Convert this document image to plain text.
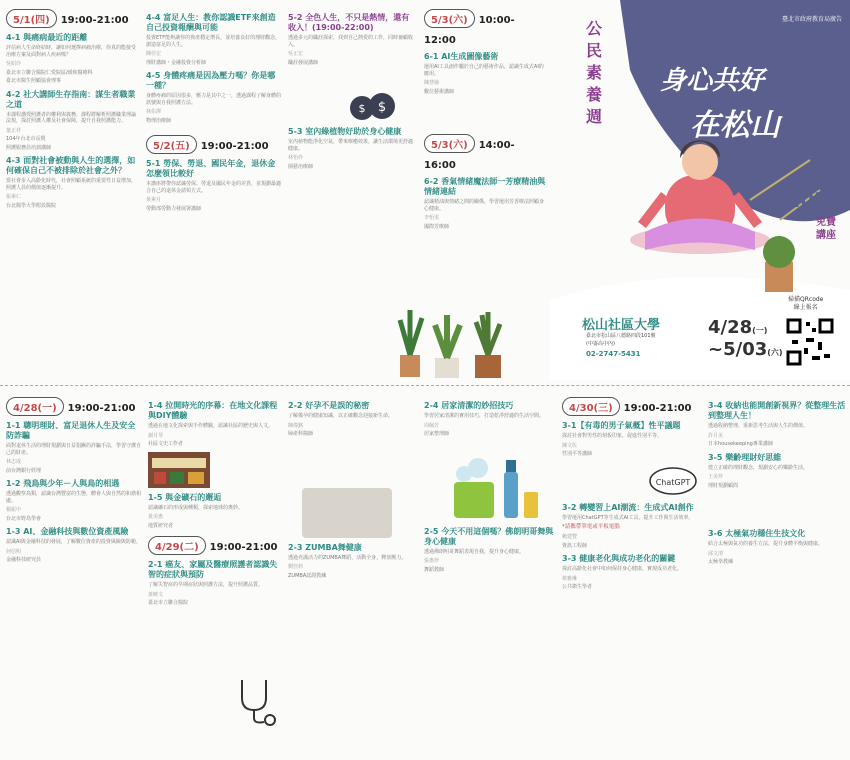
5/1(四) 19:00-21:00
4-1 與痛病最近的距離
評估病人生命終結時，讓如何選擇病痛治療，你真的能接受治療方案及面對病人疾病嗎？
吳昭玲
臺北市立聯合醫院仁愛院區/緩和醫療科
臺北市醫生照顧協會理事
4-2 社大講師生存指南：謀生者職業之道
本課程講授照護者的權利與義務，課程將解析照護職業理論法規，探討照護人權及社會保障，提升自我照護能力。
葉正祥
104年台北市長獎
照護服務員培訓講師
4-3 面對社會被動與人生的選擇，如何確保自己不被排除於社會之外？
當社會步入高齡化時代，社會照顧系統的重要性日益增加，照護人員的價值逐漸提升。
張素仁
台北醫學大學附設醫院
4-4 富足人生：教你認識ETF來創造自己投資報酬與可能
投資ETF能夠讓你的資產穩定增長，並培養良好的理財觀念，創造富足的人生。
陳佳宏
理財講師・金融投資分析師
4-5 身體疼痛是因為壓力嗎？你是哪一種？
身體疼痛的原因很多，壓力是其中之一，透過課程了解身體的訊號與自我照護方法。
林佑澤
物理治療師
5/2(五) 19:00-21:00
5-1 勞保、勞退、國民年金，退休金怎麼領比較好
本講座將帶你認識勞保、勞退及國民年金的差異，並規劃最適合自己的退休金請領方式。
黃素月
勞動部勞動力發展署講師
5-2 全色人生，不只是熱情，還有收入！(19:00-22:00)
透過多元的職涯探索，找到自己熱愛的工作，同時兼顧收入。
吳正宏
職涯發展講師
$
$
5-3 室內綠植物好助於身心健康
室內植物能淨化空氣，帶來療癒效果，讓生活環境更舒適健康。
林怡伶
園藝治療師
5/3(六) 10:00-12:00
6-1 AI生成圖像藝術
運用AI工具創作屬於自己的藝術作品，認識生成式AI的應用。
陳慧瑜
數位藝術講師
5/3(六) 14:00-16:00
6-2 香氣情緒魔法師一芳療精油與情緒連結
認識精油與情緒之間的關係，學習運用芳香療法照顧身心健康。
李怡雯
國際芳療師
臺北市政府教育局廣告
公
民
素
養
週
身心共好
在松山
2025
免費
講座
松山社區大學
臺北市松山區八德路四段101號
(中崙高中內)
02-2747-5431
4/28(一)
~5/03(六)
掃描QRcode
線上報名
4/28(一) 19:00-21:00
1-1 聰明理財、富足退休人生及安全防詐騙
面對退休生活的理財規劃與日益猖獗的詐騙手法，學習守護自己的財產。
林志成
前台灣銀行經理
1-2 飛鳥與少年－人與鳥的相遇
透過觀察鳥類，認識台灣豐富的生態，體會人與自然的和諧相處。
楊振中
台北市野鳥學會
1-3 AI、金融科技與數位資產風險
認識AI與金融科技的發展，了解數位資產的投資風險與防範。
何信明
金融科技研究員
1-4 拉開時光的序幕：在地文化課程與DIY體驗
透過在地文化探索與手作體驗，認識社區的歷史與人文。
謝月琴
社區文史工作者
1-5 與金礦石的邂逅
認識礦石的形成與種類，探索地球的奧妙。
黃美惠
地質研究者
4/29(二) 19:00-21:00
2-1 癌友、家屬及醫療照護者認識失智的症狀與預防
了解失智症的早期症狀與照護方法，提升照護品質。
黃曉文
臺北市立聯合醫院
2-2 好孕不是誤的秘密
了解備孕的健康知識，以正確觀念迎接新生命。
陳偉銘
婦產科醫師
2-3 ZUMBA舞健康
透過充滿活力的ZUMBA舞蹈，活動全身，釋放壓力。
劉佳莉
ZUMBA認證教練
2-4 居家清潔的妙招技巧
學習居家清潔的實用技巧，打造乾淨舒適的生活空間。
周佩芳
居家整理師
2-5 今天不用這個嗎？佛朗明哥舞與身心健康
透過佛朗明哥舞蹈表現自我，提升身心健康。
張惠珍
舞蹈教師
4/30(三) 19:00-21:00
3-1【有毒的男子氣概】性平議題
探討社會對男性的刻板印象，促進性別平等。
陳文佐
性別平等講師
ChatGPT
3-2 轉變習上AI潮流：生成式AI創作
學習運用ChatGPT等生成式AI工具，提升工作與生活效率。
*請攜帶筆電或平板電腦
賴建豐
資訊工程師
3-3 健康老化與成功老化的關鍵
探討高齡化社會中如何保持身心健康，實現成功老化。
蔡雅琳
公共衛生學者
3-4 收納也能開創新視界？從整理生活到整理人生！
透過收納整理，重新思考生活與人生的價值。
許月美
日本housekeeping專業講師
3-5 樂齡理財好思維
建立正確的理財觀念，規劃安心的樂齡生活。
王美珍
理財規劃顧問
3-6 太極氣功穩住生技文化
結合太極與氣功的養生方法，提升身體平衡與健康。
邱文清
太極拳教練
